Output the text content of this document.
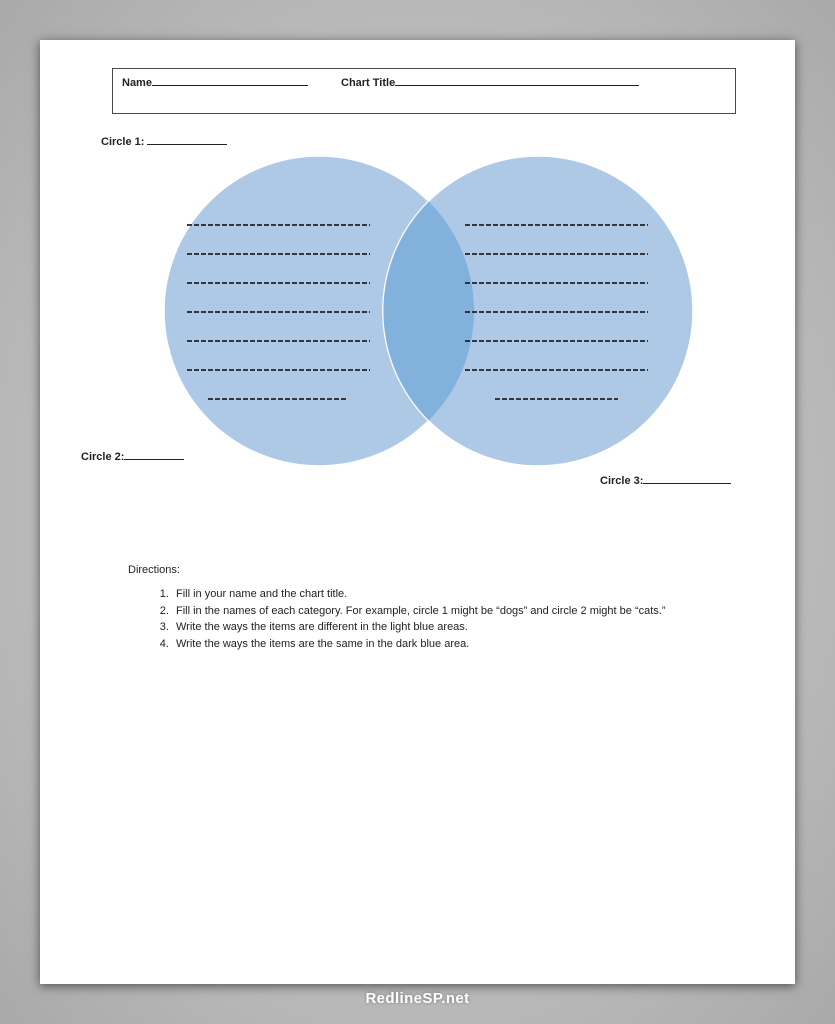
Name	Chart Title
Circle 1:
Circle 2:
Circle 3:
Directions:
1. Fill in your name and the chart title.
2. Fill in the names of each category. For example, circle 1 might be “dogs” and circle 2 might be “cats.”
3. Write the ways the items are different in the light blue areas.
4. Write the ways the items are the same in the dark blue area.
RedlineSP.net
